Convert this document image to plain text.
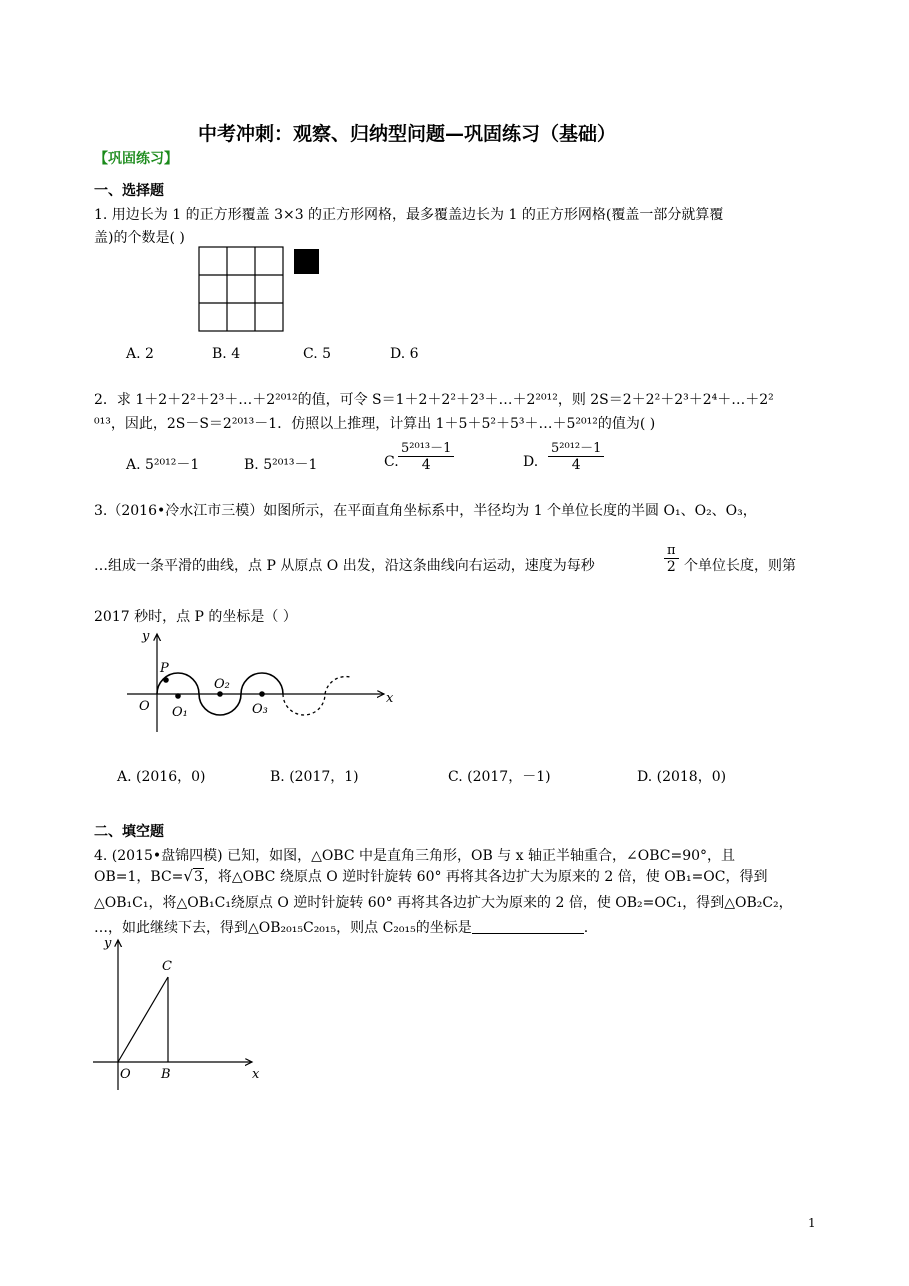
中考冲刺：观察、归纳型问题—巩固练习（基础）
【巩固练习】
一、选择题
1. 用边长为 1 的正方形覆盖 3×3 的正方形网格，最多覆盖边长为 1 的正方形网格(覆盖一部分就算覆
盖)的个数是( )
A. 2	B. 4	C. 5	D. 6
2．求 1＋2＋2²＋2³＋…＋2²⁰¹²的值，可令 S＝1＋2＋2²＋2³＋…＋2²⁰¹²，则 2S＝2＋2²＋2³＋2⁴＋…＋2²
⁰¹³，因此，2S－S＝2²⁰¹³－1．仿照以上推理，计算出 1＋5＋5²＋5³＋…＋5²⁰¹²的值为( )
A. 5²⁰¹²－1	B. 5²⁰¹³－1	C.
5²⁰¹³－1
4	D.
5²⁰¹²－1
4
3.（2016•冷水江市三模）如图所示，在平面直角坐标系中，半径均为 1 个单位长度的半圆 O₁、O₂、O₃，
…组成一条平滑的曲线，点 P 从原点 O 出发，沿这条曲线向右运动，速度为每秒
π
2 个单位长度，则第
2017 秒时，点 P 的坐标是（ ）
y
x
O
P
O₁
O₂
O₃
A. (2016，0)	B. (2017，1)	C. (2017，－1)	D. (2018，0)
二、填空题
4. (2015•盘锦四模) 已知，如图，△OBC 中是直角三角形，OB 与 x 轴正半轴重合，∠OBC=90°，且
OB=1，BC=√3，将△OBC 绕原点 O 逆时针旋转 60° 再将其各边扩大为原来的 2 倍，使 OB₁=OC，得到
△OB₁C₁，将△OB₁C₁绕原点 O 逆时针旋转 60° 再将其各边扩大为原来的 2 倍，使 OB₂=OC₁，得到△OB₂C₂，
…，如此继续下去，得到△OB₂₀₁₅C₂₀₁₅，则点 C₂₀₁₅的坐标是	.
y
x
O B
C
1
